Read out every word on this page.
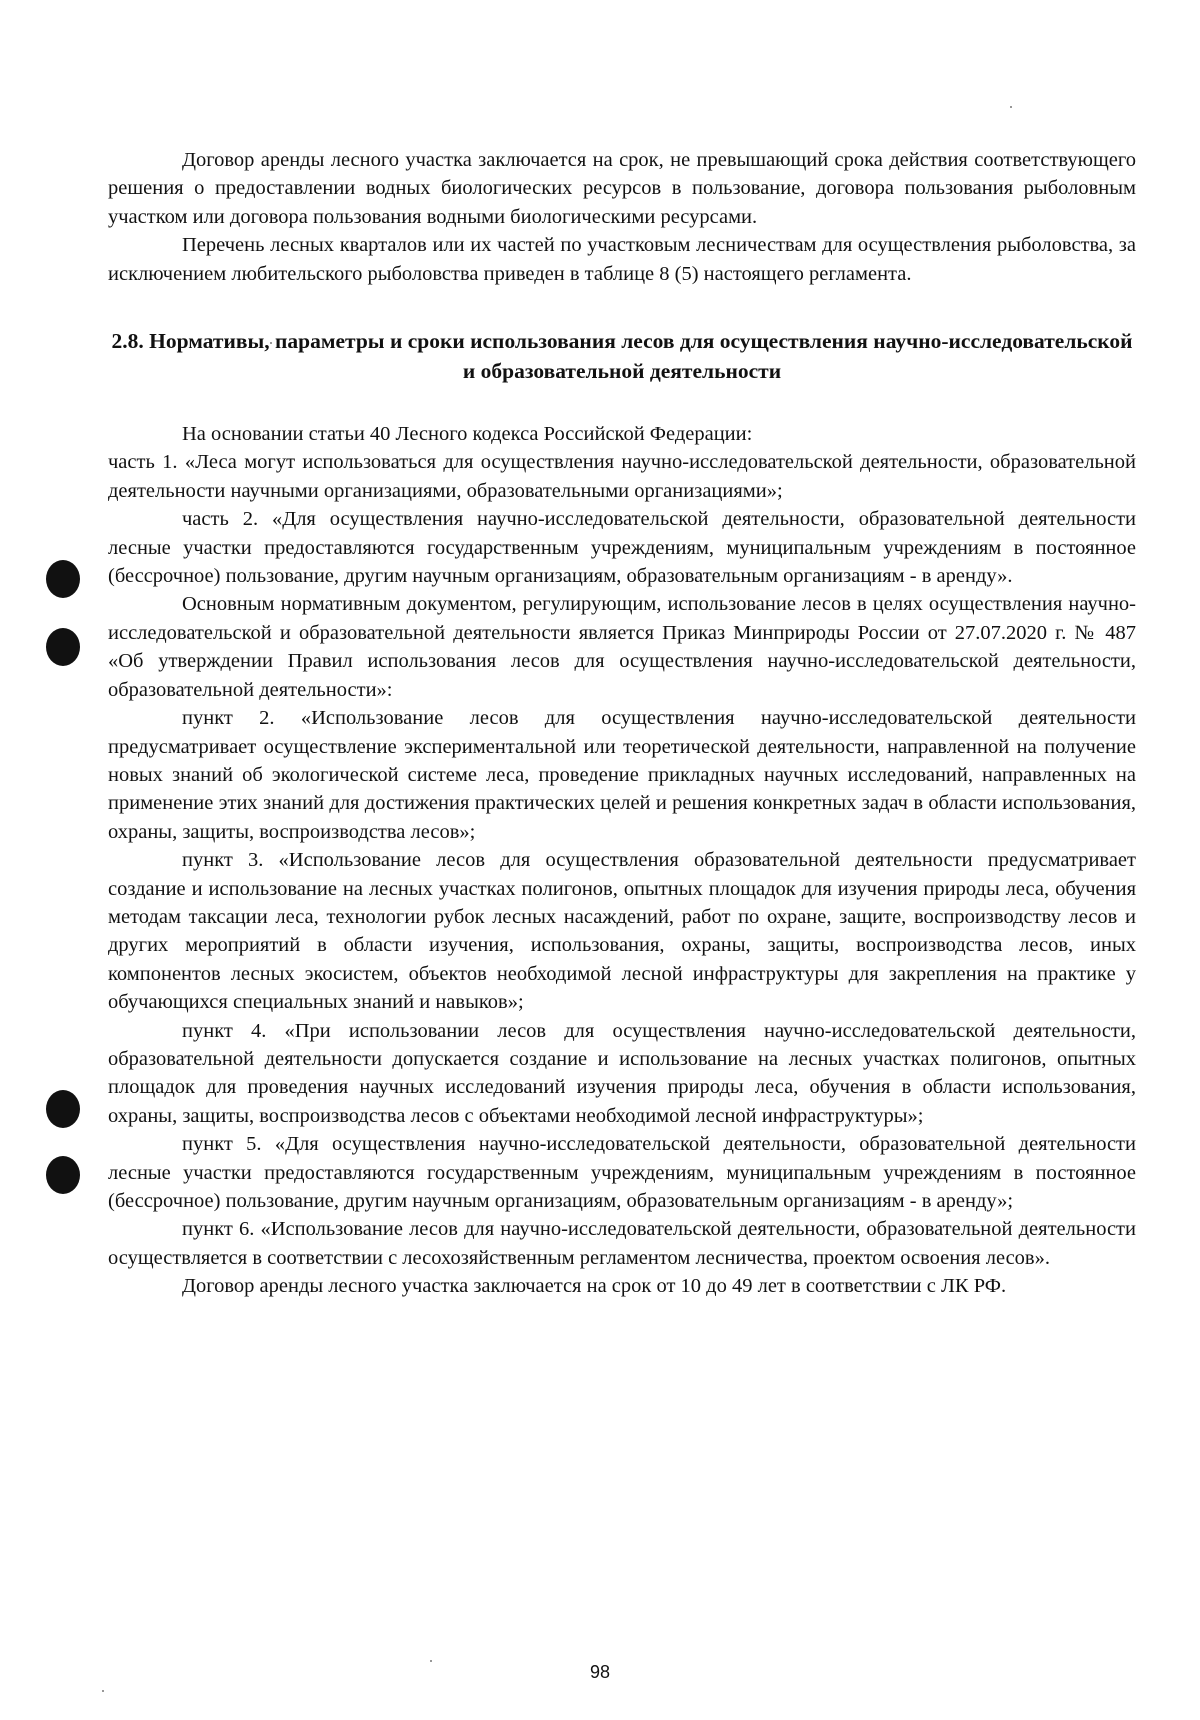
Договор аренды лесного участка заключается на срок, не превышающий срока действия соответствующего решения о предоставлении водных биологических ресурсов в пользование, договора пользования рыболовным участком или договора пользования водными биологическими ресурсами.

Перечень лесных кварталов или их частей по участковым лесничествам для осуществления рыболовства, за исключением любительского рыболовства приведен в таблице 8 (5) настоящего регламента.

2.8. Нормативы, параметры и сроки использования лесов для осуществления научно-исследовательской и образовательной деятельности

На основании статьи 40 Лесного кодекса Российской Федерации:

часть 1. «Леса могут использоваться для осуществления научно-исследовательской деятельности, образовательной деятельности научными организациями, образовательными организациями»;

часть 2. «Для осуществления научно-исследовательской деятельности, образовательной деятельности лесные участки предоставляются государственным учреждениям, муниципальным учреждениям в постоянное (бессрочное) пользование, другим научным организациям, образовательным организациям - в аренду».

Основным нормативным документом, регулирующим, использование лесов в целях осуществления научно-исследовательской и образовательной деятельности является Приказ Минприроды России от 27.07.2020 г. № 487 «Об утверждении Правил использования лесов для осуществления научно-исследовательской деятельности, образовательной деятельности»:

пункт 2. «Использование лесов для осуществления научно-исследовательской деятельности предусматривает осуществление экспериментальной или теоретической деятельности, направленной на получение новых знаний об экологической системе леса, проведение прикладных научных исследований, направленных на применение этих знаний для достижения практических целей и решения конкретных задач в области использования, охраны, защиты, воспроизводства лесов»;

пункт 3. «Использование лесов для осуществления образовательной деятельности предусматривает создание и использование на лесных участках полигонов, опытных площадок для изучения природы леса, обучения методам таксации леса, технологии рубок лесных насаждений, работ по охране, защите, воспроизводству лесов и других мероприятий в области изучения, использования, охраны, защиты, воспроизводства лесов, иных компонентов лесных экосистем, объектов необходимой лесной инфраструктуры для закрепления на практике у обучающихся специальных знаний и навыков»;

пункт 4. «При использовании лесов для осуществления научно-исследовательской деятельности, образовательной деятельности допускается создание и использование на лесных участках полигонов, опытных площадок для проведения научных исследований изучения природы леса, обучения в области использования, охраны, защиты, воспроизводства лесов с объектами необходимой лесной инфраструктуры»;

пункт 5. «Для осуществления научно-исследовательской деятельности, образовательной деятельности лесные участки предоставляются государственным учреждениям, муниципальным учреждениям в постоянное (бессрочное) пользование, другим научным организациям, образовательным организациям - в аренду»;

пункт 6. «Использование лесов для научно-исследовательской деятельности, образовательной деятельности осуществляется в соответствии с лесохозяйственным регламентом лесничества, проектом освоения лесов».

Договор аренды лесного участка заключается на срок от 10 до 49 лет в соответствии с ЛК РФ.

98
